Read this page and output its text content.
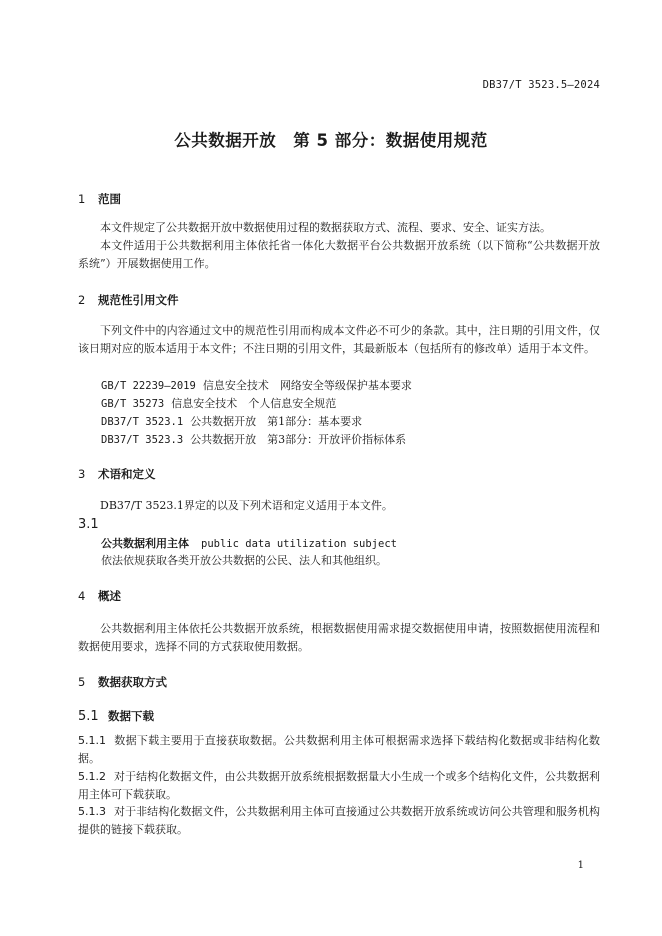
DB37/T 3523.5—2024
公共数据开放　第 5 部分：数据使用规范
1 范围
本文件规定了公共数据开放中数据使用过程的数据获取方式、流程、要求、安全、证实方法。
本文件适用于公共数据利用主体依托省一体化大数据平台公共数据开放系统（以下简称“公共数据开放系统”）开展数据使用工作。
2 规范性引用文件
下列文件中的内容通过文中的规范性引用而构成本文件必不可少的条款。其中，注日期的引用文件，仅该日期对应的版本适用于本文件；不注日期的引用文件，其最新版本（包括所有的修改单）适用于本文件。
GB/T 22239—2019 信息安全技术　网络安全等级保护基本要求
GB/T 35273 信息安全技术　个人信息安全规范
DB37/T 3523.1 公共数据开放　第1部分：基本要求
DB37/T 3523.3 公共数据开放　第3部分：开放评价指标体系
3 术语和定义
DB37/T 3523.1界定的以及下列术语和定义适用于本文件。
3.1
公共数据利用主体 public data utilization subject
依法依规获取各类开放公共数据的公民、法人和其他组织。
4 概述
公共数据利用主体依托公共数据开放系统，根据数据使用需求提交数据使用申请，按照数据使用流程和数据使用要求，选择不同的方式获取使用数据。
5 数据获取方式
5.1 数据下载
5.1.1 数据下载主要用于直接获取数据。公共数据利用主体可根据需求选择下载结构化数据或非结构化数据。
5.1.2 对于结构化数据文件，由公共数据开放系统根据数据量大小生成一个或多个结构化文件，公共数据利用主体可下载获取。
5.1.3 对于非结构化数据文件，公共数据利用主体可直接通过公共数据开放系统或访问公共管理和服务机构提供的链接下载获取。
1
